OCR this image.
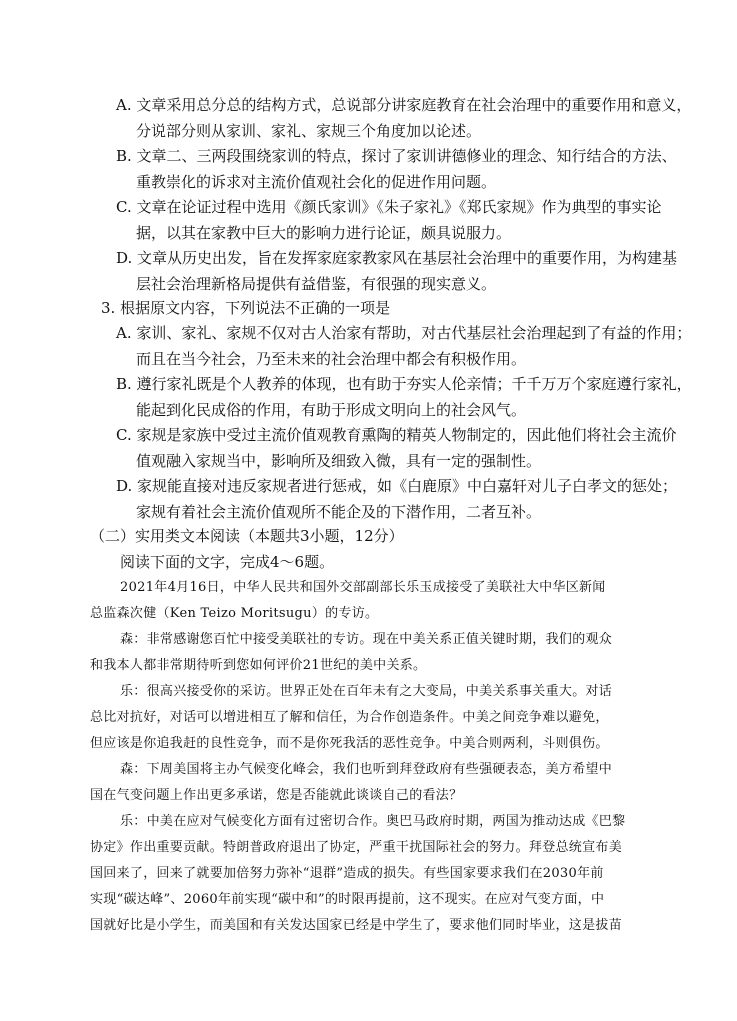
A. 文章采用总分总的结构方式，总说部分讲家庭教育在社会治理中的重要作用和意义，
分说部分则从家训、家礼、家规三个角度加以论述。
B. 文章二、三两段围绕家训的特点，探讨了家训讲德修业的理念、知行结合的方法、
重教崇化的诉求对主流价值观社会化的促进作用问题。
C. 文章在论证过程中选用《颜氏家训》《朱子家礼》《郑氏家规》作为典型的事实论
据，以其在家教中巨大的影响力进行论证，颇具说服力。
D. 文章从历史出发，旨在发挥家庭家教家风在基层社会治理中的重要作用，为构建基
层社会治理新格局提供有益借鉴，有很强的现实意义。
3. 根据原文内容，下列说法不正确的一项是
A. 家训、家礼、家规不仅对古人治家有帮助，对古代基层社会治理起到了有益的作用；
而且在当今社会，乃至未来的社会治理中都会有积极作用。
B. 遵行家礼既是个人教养的体现，也有助于夯实人伦亲情；千千万万个家庭遵行家礼，
能起到化民成俗的作用，有助于形成文明向上的社会风气。
C. 家规是家族中受过主流价值观教育熏陶的精英人物制定的，因此他们将社会主流价
值观融入家规当中，影响所及细致入微，具有一定的强制性。
D. 家规能直接对违反家规者进行惩戒，如《白鹿原》中白嘉轩对儿子白孝文的惩处；
家规有着社会主流价值观所不能企及的下潜作用，二者互补。
（二）实用类文本阅读（本题共3小题，12分）
阅读下面的文字，完成4～6题。
2021年4月16日，中华人民共和国外交部副部长乐玉成接受了美联社大中华区新闻
总监森次健（Ken Teizo Moritsugu）的专访。
森：非常感谢您百忙中接受美联社的专访。现在中美关系正值关键时期，我们的观众
和我本人都非常期待听到您如何评价21世纪的美中关系。
乐：很高兴接受你的采访。世界正处在百年未有之大变局，中美关系事关重大。对话
总比对抗好，对话可以增进相互了解和信任，为合作创造条件。中美之间竞争难以避免，
但应该是你追我赶的良性竞争，而不是你死我活的恶性竞争。中美合则两利，斗则俱伤。
森：下周美国将主办气候变化峰会，我们也听到拜登政府有些强硬表态，美方希望中
国在气变问题上作出更多承诺，您是否能就此谈谈自己的看法？
乐：中美在应对气候变化方面有过密切合作。奥巴马政府时期，两国为推动达成《巴黎
协定》作出重要贡献。特朗普政府退出了协定，严重干扰国际社会的努力。拜登总统宣布美
国回来了，回来了就要加倍努力弥补“退群”造成的损失。有些国家要求我们在2030年前
实现“碳达峰”、2060年前实现“碳中和”的时限再提前，这不现实。在应对气变方面，中
国就好比是小学生，而美国和有关发达国家已经是中学生了，要求他们同时毕业，这是拔苗
